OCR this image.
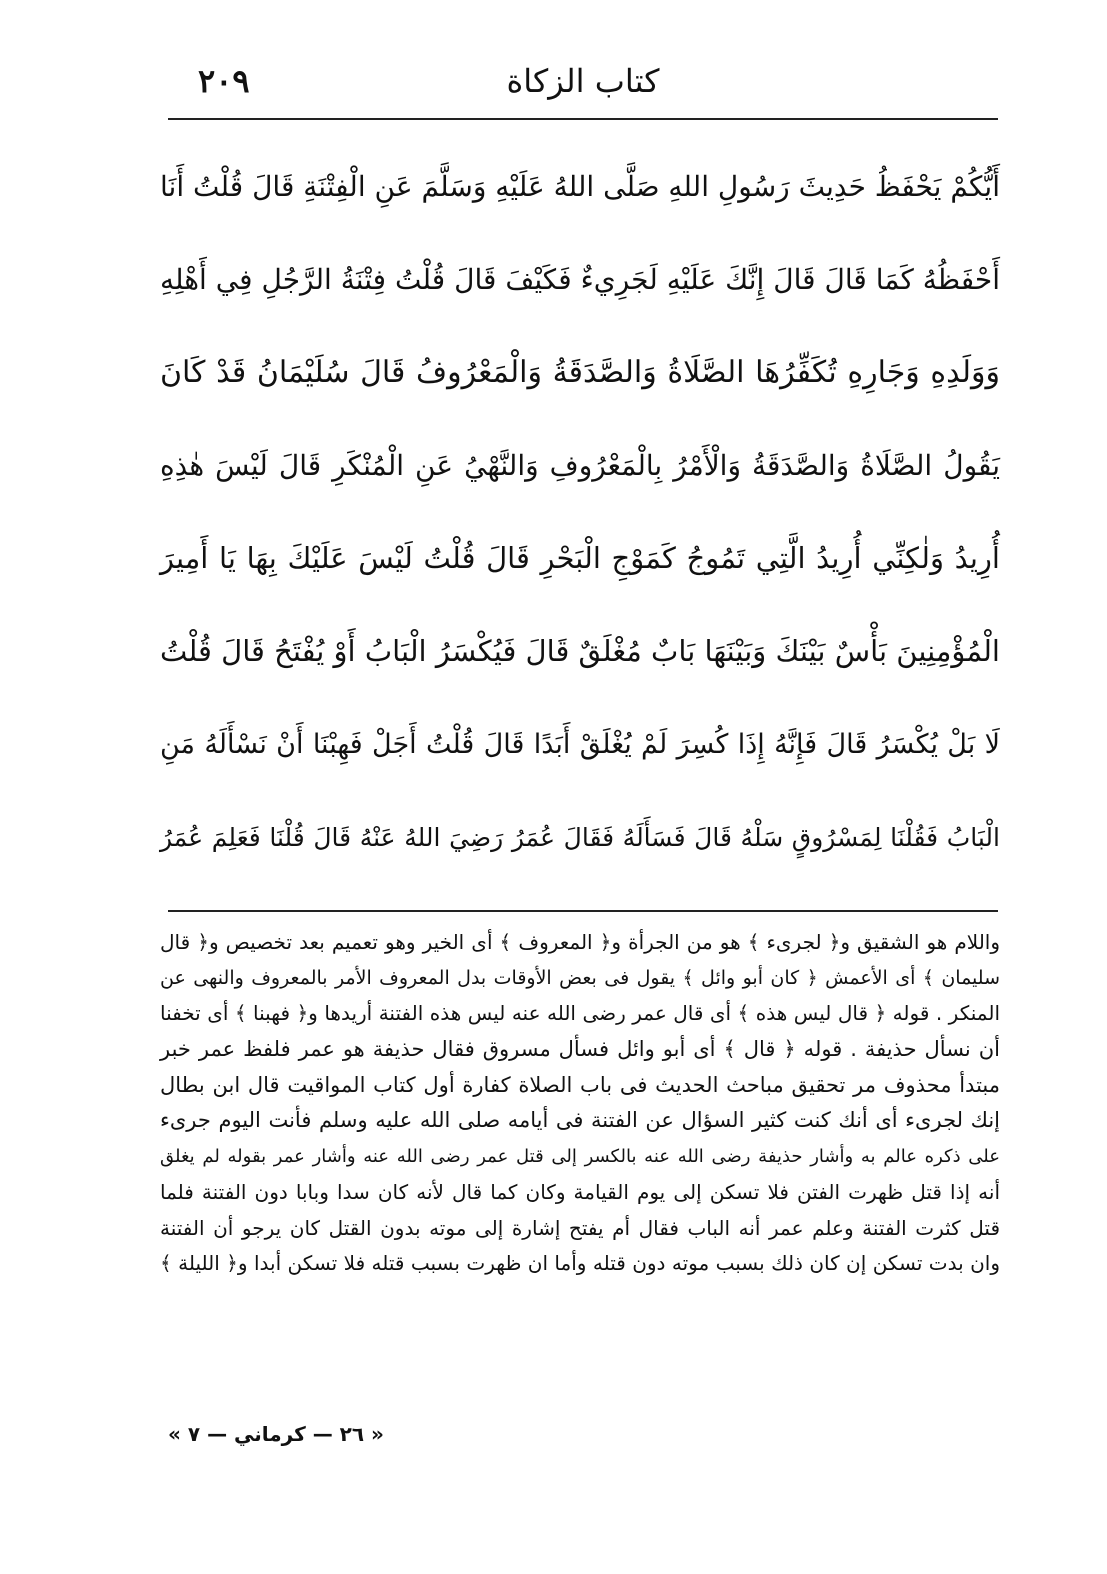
كتاب الزكاة
٢٠٩
أَيُّكُمْ يَحْفَظُ حَدِيثَ رَسُولِ اللهِ صَلَّى اللهُ عَلَيْهِ وَسَلَّمَ عَنِ الْفِتْنَةِ قَالَ قُلْتُ أَنَا
أَحْفَظُهُ كَمَا قَالَ قَالَ إِنَّكَ عَلَيْهِ لَجَرِيءٌ فَكَيْفَ قَالَ قُلْتُ فِتْنَةُ الرَّجُلِ فِي أَهْلِهِ
وَوَلَدِهِ وَجَارِهِ تُكَفِّرُهَا الصَّلَاةُ وَالصَّدَقَةُ وَالْمَعْرُوفُ قَالَ سُلَيْمَانُ قَدْ كَانَ
يَقُولُ الصَّلَاةُ وَالصَّدَقَةُ وَالْأَمْرُ بِالْمَعْرُوفِ وَالنَّهْيُ عَنِ الْمُنْكَرِ قَالَ لَيْسَ هٰذِهِ
أُرِيدُ وَلٰكِنِّي أُرِيدُ الَّتِي تَمُوجُ كَمَوْجِ الْبَحْرِ قَالَ قُلْتُ لَيْسَ عَلَيْكَ بِهَا يَا أَمِيرَ
الْمُؤْمِنِينَ بَأْسٌ بَيْنَكَ وَبَيْنَهَا بَابٌ مُغْلَقٌ قَالَ فَيُكْسَرُ الْبَابُ أَوْ يُفْتَحُ قَالَ قُلْتُ
لَا بَلْ يُكْسَرُ قَالَ فَإِنَّهُ إِذَا كُسِرَ لَمْ يُغْلَقْ أَبَدًا قَالَ قُلْتُ أَجَلْ فَهِبْنَا أَنْ نَسْأَلَهُ مَنِ
الْبَابُ فَقُلْنَا لِمَسْرُوقٍ سَلْهُ قَالَ فَسَأَلَهُ فَقَالَ عُمَرُ رَضِيَ اللهُ عَنْهُ قَالَ قُلْنَا فَعَلِمَ عُمَرُ
واللام هو الشقيق و﴿ لجرىء ﴾ هو من الجرأة و﴿ المعروف ﴾ أى الخير وهو تعميم بعد تخصيص و﴿ قال
سليمان ﴾ أى الأعمش ﴿ كان أبو وائل ﴾ يقول فى بعض الأوقات بدل المعروف الأمر بالمعروف والنهى عن
المنكر . قوله ﴿ قال ليس هذه ﴾ أى قال عمر رضى الله عنه ليس هذه الفتنة أريدها و﴿ فهبنا ﴾ أى تخفنا
أن نسأل حذيفة . قوله ﴿ قال ﴾ أى أبو وائل فسأل مسروق فقال حذيفة هو عمر فلفظ عمر خبر
مبتدأ محذوف مر تحقيق مباحث الحديث فى باب الصلاة كفارة أول كتاب المواقيت قال ابن بطال
إنك لجرىء أى أنك كنت كثير السؤال عن الفتنة فى أيامه صلى الله عليه وسلم فأنت اليوم جرىء
على ذكره عالم به وأشار حذيفة رضى الله عنه بالكسر إلى قتل عمر رضى الله عنه وأشار عمر بقوله لم يغلق
أنه إذا قتل ظهرت الفتن فلا تسكن إلى يوم القيامة وكان كما قال لأنه كان سدا وبابا دون الفتنة فلما
قتل كثرت الفتنة وعلم عمر أنه الباب فقال أم يفتح إشارة إلى موته بدون القتل كان يرجو أن الفتنة
وان بدت تسكن إن كان ذلك بسبب موته دون قتله وأما ان ظهرت بسبب قتله فلا تسكن أبدا و﴿ الليلة ﴾
« ٢٦ — كرماني — ٧ »
